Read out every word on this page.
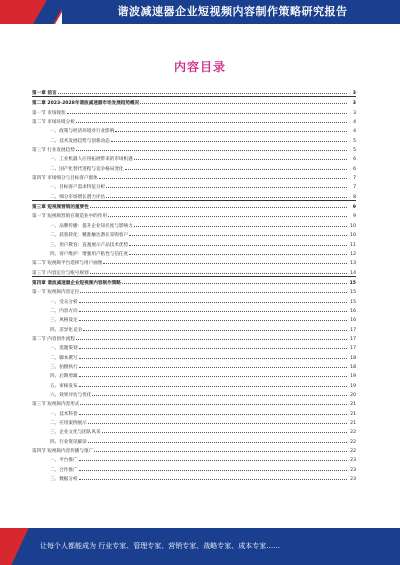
谐波减速器企业短视频内容制作策略研究报告
内容目录
第一章 前言	3
第二章 2023-2028年谐波减速器市场发展趋势概况	3
第一节 市场现状	3
第二节 市场环境分析	4
一、政策与经济环境对行业影响	4
二、技术发展趋势与创新动态	5
第三节 行业发展趋势	5
一、工业机器人应用拓展带来的市场机遇	6
二、国产化替代进程与竞争格局变化	6
第四节 市场细分与目标客户群体	7
一、目标客户需求特征分析	7
二、细分市场增长潜力评估	8
第三章 短视频营销的重要性	9
第一节 短视频营销在制造业中的作用	9
一、品牌传播：提升企业知名度与影响力	10
二、获客转化：精准触达潜在采购客户	10
三、用户教育：直观展示产品技术优势	11
四、客户维护：增强用户粘性与信任度	12
第二节 短视频平台选择与用户画像	13
第三节 内容定位与账号规划	14
第四章 谐波减速器企业短视频内容制作策略	15
第一节 短视频内容定位	15
一、受众分析	15
二、内容方向	16
三、风格设定	16
四、差异化竞争	17
第二节 内容创作流程	17
一、选题策划	17
二、脚本撰写	18
三、拍摄执行	18
四、后期剪辑	19
五、审核发布	19
六、效果评估与优化	20
第三节 短视频内容形式	21
一、技术科普	21
二、应用案例展示	21
三、企业文化与团队风采	22
四、行业资讯解读	22
第四节 短视频内容传播与推广	22
一、平台推广	23
二、合作推广	23
三、数据分析	23
让每个人都能成为 行业专家、管理专家、营销专家、战略专家、成本专家……
